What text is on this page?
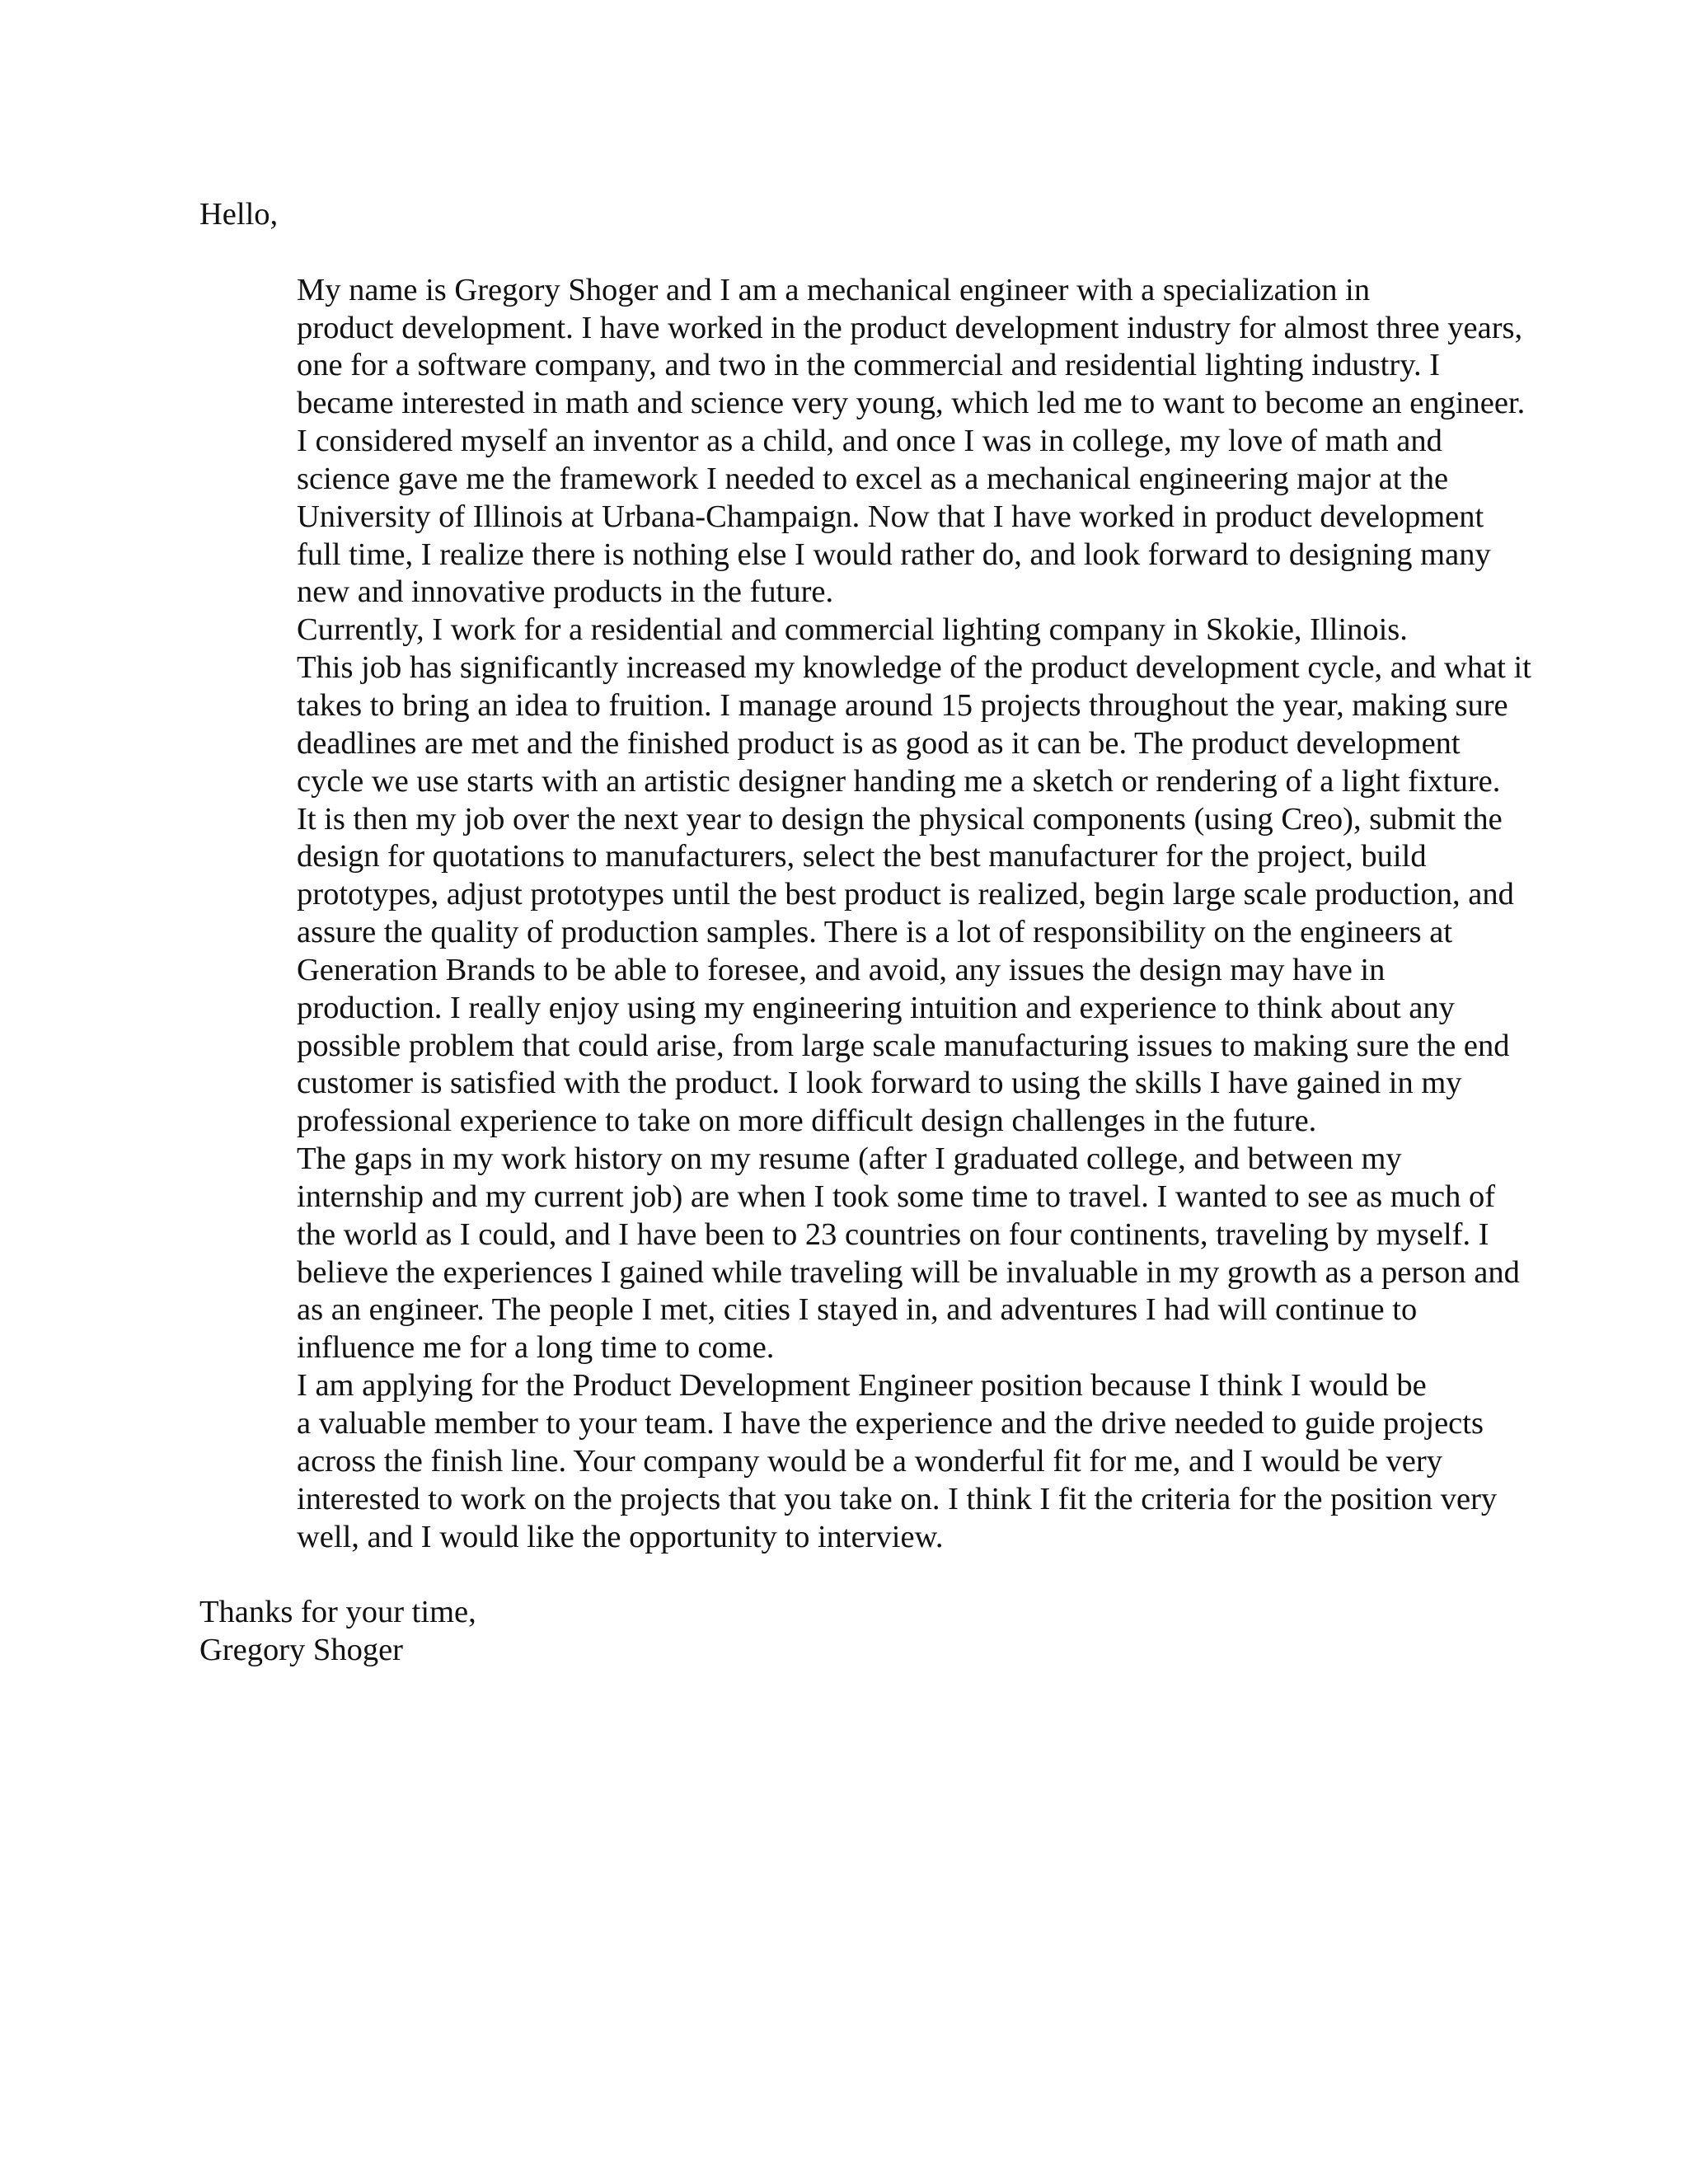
Hello,

My name is Gregory Shoger and I am a mechanical engineer with a specialization in
product development. I have worked in the product development industry for almost three years,
one for a software company, and two in the commercial and residential lighting industry. I
became interested in math and science very young, which led me to want to become an engineer.
I considered myself an inventor as a child, and once I was in college, my love of math and
science gave me the framework I needed to excel as a mechanical engineering major at the
University of Illinois at Urbana-Champaign. Now that I have worked in product development
full time, I realize there is nothing else I would rather do, and look forward to designing many
new and innovative products in the future.

Currently, I work for a residential and commercial lighting company in Skokie, Illinois.
This job has significantly increased my knowledge of the product development cycle, and what it
takes to bring an idea to fruition. I manage around 15 projects throughout the year, making sure
deadlines are met and the finished product is as good as it can be. The product development
cycle we use starts with an artistic designer handing me a sketch or rendering of a light fixture.
It is then my job over the next year to design the physical components (using Creo), submit the
design for quotations to manufacturers, select the best manufacturer for the project, build
prototypes, adjust prototypes until the best product is realized, begin large scale production, and
assure the quality of production samples. There is a lot of responsibility on the engineers at
Generation Brands to be able to foresee, and avoid, any issues the design may have in
production. I really enjoy using my engineering intuition and experience to think about any
possible problem that could arise, from large scale manufacturing issues to making sure the end
customer is satisfied with the product. I look forward to using the skills I have gained in my
professional experience to take on more difficult design challenges in the future.

The gaps in my work history on my resume (after I graduated college, and between my
internship and my current job) are when I took some time to travel. I wanted to see as much of
the world as I could, and I have been to 23 countries on four continents, traveling by myself. I
believe the experiences I gained while traveling will be invaluable in my growth as a person and
as an engineer. The people I met, cities I stayed in, and adventures I had will continue to
influence me for a long time to come.

I am applying for the Product Development Engineer position because I think I would be
a valuable member to your team. I have the experience and the drive needed to guide projects
across the finish line. Your company would be a wonderful fit for me, and I would be very
interested to work on the projects that you take on. I think I fit the criteria for the position very
well, and I would like the opportunity to interview.

Thanks for your time,
Gregory Shoger
